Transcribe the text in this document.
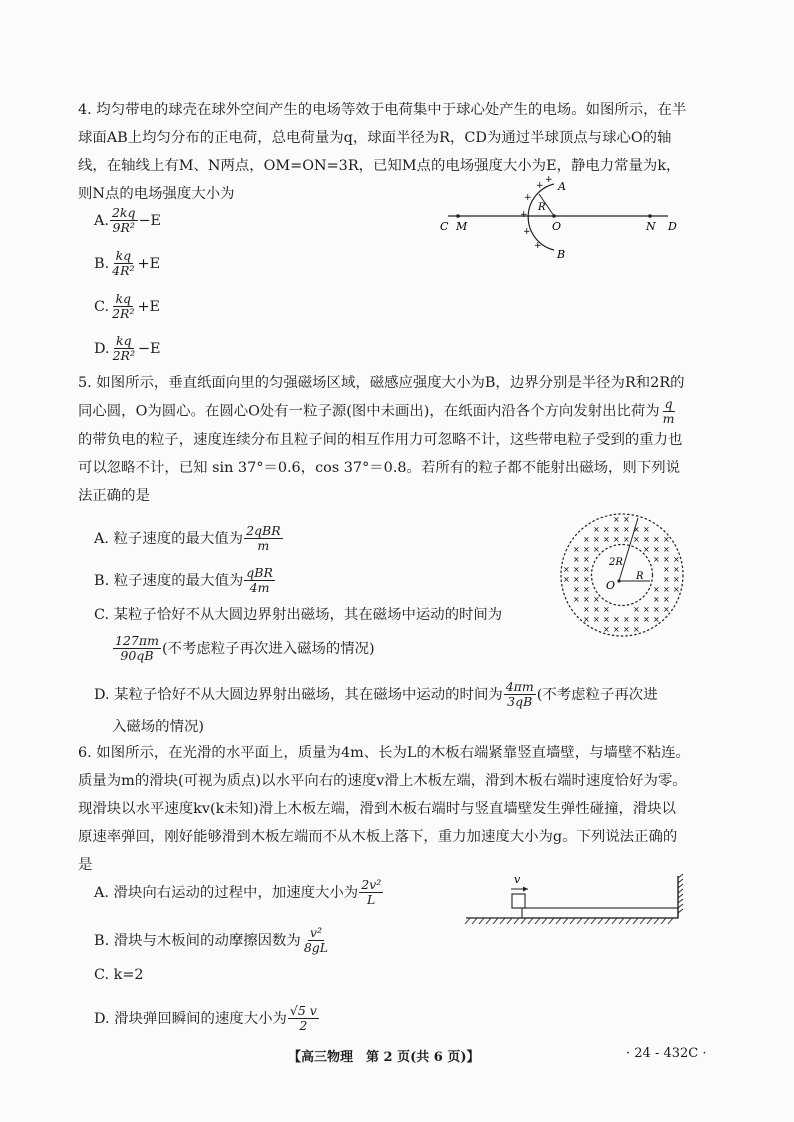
4. 均匀带电的球壳在球外空间产生的电场等效于电荷集中于球心处产生的电场。如图所示，在半球面AB上均匀分布的正电荷，总电荷量为q，球面半径为R，CD为通过半球顶点与球心O的轴线，在轴线上有M、N两点，OM=ON=3R，已知M点的电场强度大小为E，静电力常量为k，则N点的电场强度大小为

A. $\frac{2kq}{\text{9R²}} -E$
B. $\frac{kq}{\text{4R²}} +E$
C. $\frac{kq}{\text{2R²}} +E$
D. $\frac{kq}{\text{2R²}} -E$
C M	O	N D
A
B
R
+
+
+
+
+
+

5. 如图所示，垂直纸面向里的匀强磁场区域，磁感应强度大小为B，边界分别是半径为R和2R的同心圆，O为圆心。在圆心O处有一粒子源(图中未画出)，在纸面内沿各个方向发射出比荷为 $\frac{q}{m}$
的带负电的粒子，速度连续分布且粒子间的相互作用力可忽略不计，这些带电粒子受到的重力也可以忽略不计，已知 sin 37°＝0.6，cos 37°＝0.8。若所有的粒子都不能射出磁场，则下列说法正确的是

A. 粒子速度的最大值为 $\frac{\text{2qBR}}{m}$
B. 粒子速度的最大值为 $\frac{\text{qBR}}{4m}$
C. 某粒子恰好不从大圆边界射出磁场，其在磁场中运动的时间为
$\frac{127\pi m}{90qB}$ (不考虑粒子再次进入磁场的情况)
D. 某粒子恰好不从大圆边界射出磁场，其在磁场中运动的时间为 $\frac{4\pi m}{3qB}$ (不考虑粒子再次进
入磁场的情况)
× ×
× × × × × ×
× × × × × × × × ×
× × ×	× × ×
× ×	× × ×
× × ×	× ×
× × ×	× ×
× ×	× × ×
× × ×	× ×
× × ×	× × × ×
× × × × × × × ×
× × × ×
O
2R
R

6. 如图所示，在光滑的水平面上，质量为4m、长为L的木板右端紧靠竖直墙壁，与墙壁不粘连。质量为m的滑块(可视为质点)以水平向右的速度v滑上木板左端，滑到木板右端时速度恰好为零。现滑块以水平速度kv(k未知)滑上木板左端，滑到木板右端时与竖直墙壁发生弹性碰撞，滑块以原速率弹回，刚好能够滑到木板左端而不从木板上落下，重力加速度大小为g。下列说法正确的是

A. 滑块向右运动的过程中，加速度大小为 $\frac{\text{2v²}}{L}$
B. 滑块与木板间的动摩擦因数为 $\frac{\text{v²}}{8gL}$
C. k=2
D. 滑块弹回瞬间的速度大小为 $\frac{√5 v}{2}$
v
【高三物理　第 2 页(共 6 页)】	· 24 - 432C ·
